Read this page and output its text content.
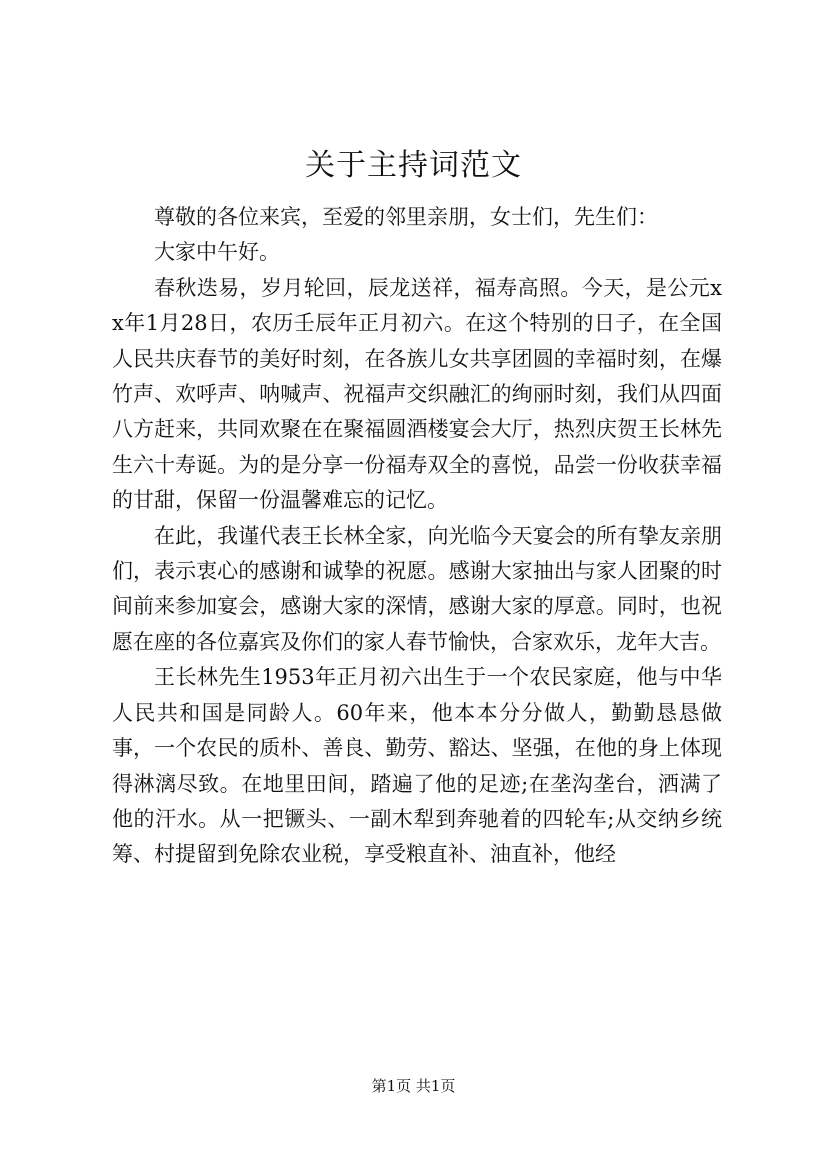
关于主持词范文

尊敬的各位来宾，至爱的邻里亲朋，女士们，先生们：

大家中午好。

春秋迭易，岁月轮回，辰龙送祥，福寿高照。今天，是公元xx年1月28日，农历壬辰年正月初六。在这个特别的日子，在全国人民共庆春节的美好时刻，在各族儿女共享团圆的幸福时刻，在爆竹声、欢呼声、呐喊声、祝福声交织融汇的绚丽时刻，我们从四面八方赶来，共同欢聚在在聚福圆酒楼宴会大厅，热烈庆贺王长林先生六十寿诞。为的是分享一份福寿双全的喜悦，品尝一份收获幸福的甘甜，保留一份温馨难忘的记忆。

在此，我谨代表王长林全家，向光临今天宴会的所有挚友亲朋们，表示衷心的感谢和诚挚的祝愿。感谢大家抽出与家人团聚的时间前来参加宴会，感谢大家的深情，感谢大家的厚意。同时，也祝愿在座的各位嘉宾及你们的家人春节愉快，合家欢乐，龙年大吉。

王长林先生1953年正月初六出生于一个农民家庭，他与中华人民共和国是同龄人。60年来，他本本分分做人，勤勤恳恳做事，一个农民的质朴、善良、勤劳、豁达、坚强，在他的身上体现得淋漓尽致。在地里田间，踏遍了他的足迹;在垄沟垄台，洒满了他的汗水。从一把镢头、一副木犁到奔驰着的四轮车;从交纳乡统筹、村提留到免除农业税，享受粮直补、油直补，他经

第1页 共1页
